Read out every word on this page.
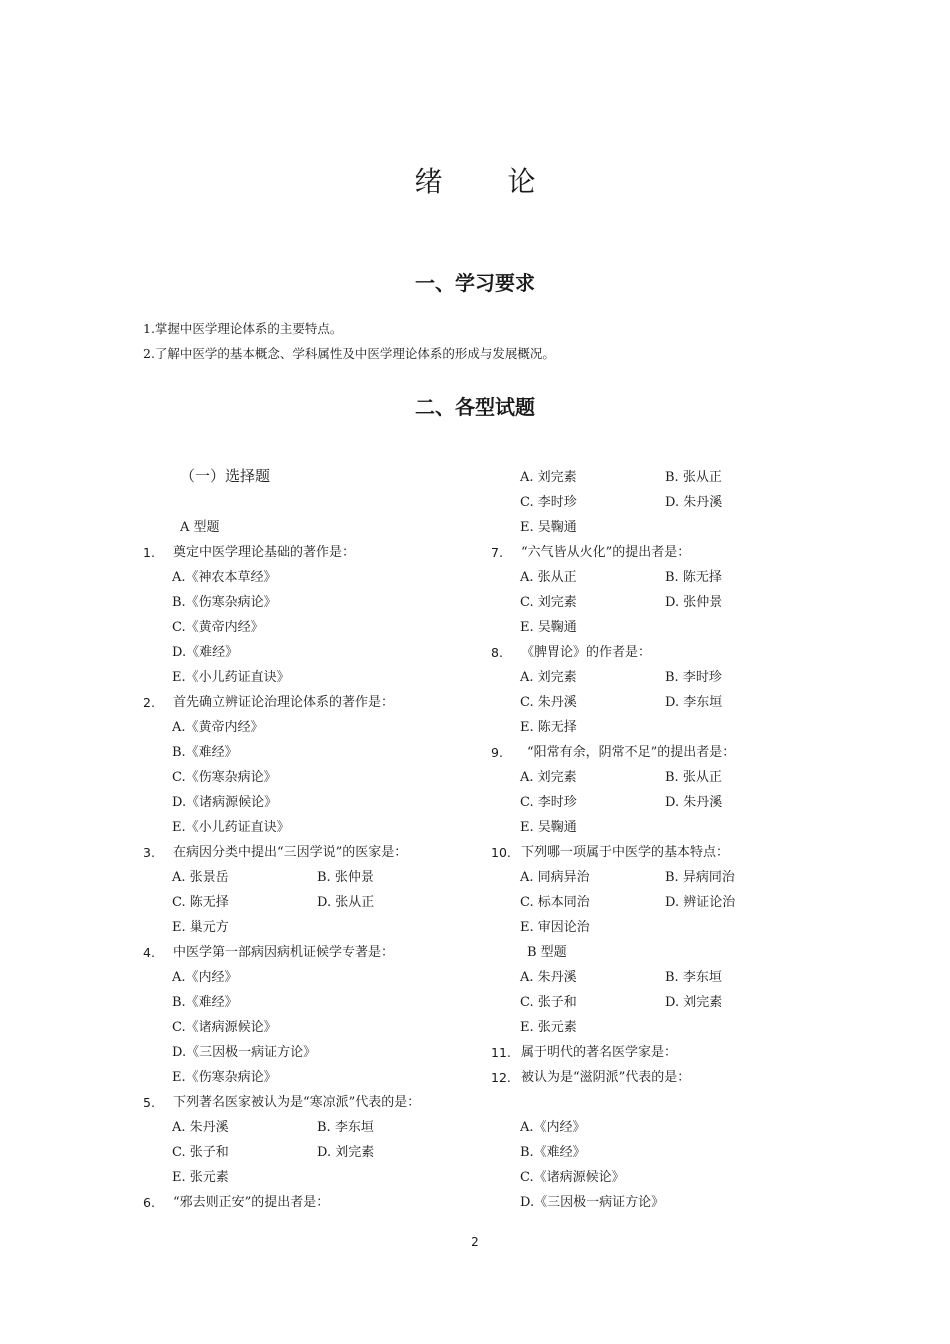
绪 论
一、学习要求
1.掌握中医学理论体系的主要特点。
2.了解中医学的基本概念、学科属性及中医学理论体系的形成与发展概况。
二、各型试题
（一）选择题
A 型题
1. 奠定中医学理论基础的著作是：
A.《神农本草经》
B.《伤寒杂病论》
C.《黄帝内经》
D.《难经》
E.《小儿药证直诀》
2. 首先确立辨证论治理论体系的著作是：
A.《黄帝内经》
B.《难经》
C.《伤寒杂病论》
D.《诸病源候论》
E.《小儿药证直诀》
3. 在病因分类中提出“三因学说”的医家是：
A. 张景岳	B. 张仲景
C. 陈无择	D. 张从正
E. 巢元方
4. 中医学第一部病因病机证候学专著是：
A.《内经》
B.《难经》
C.《诸病源候论》
D.《三因极一病证方论》
E.《伤寒杂病论》
5. 下列著名医家被认为是“寒凉派”代表的是：
A. 朱丹溪	B. 李东垣
C. 张子和	D. 刘完素
E. 张元素
6. “邪去则正安”的提出者是：
A. 刘完素	B. 张从正
C. 李时珍	D. 朱丹溪
E. 吴鞠通
7. “六气皆从火化”的提出者是：
A. 张从正	B. 陈无择
C. 刘完素	D. 张仲景
E. 吴鞠通
8. 《脾胃论》的作者是：
A. 刘完素	B. 李时珍
C. 朱丹溪	D. 李东垣
E. 陈无择
9. “阳常有余，阴常不足”的提出者是：
A. 刘完素	B. 张从正
C. 李时珍	D. 朱丹溪
E. 吴鞠通
10. 下列哪一项属于中医学的基本特点：
A. 同病异治	B. 异病同治
C. 标本同治	D. 辨证论治
E. 审因论治
B 型题
A. 朱丹溪	B. 李东垣
C. 张子和	D. 刘完素
E. 张元素
11. 属于明代的著名医学家是：
12. 被认为是“滋阴派”代表的是：
A.《内经》
B.《难经》
C.《诸病源候论》
D.《三因极一病证方论》
2
